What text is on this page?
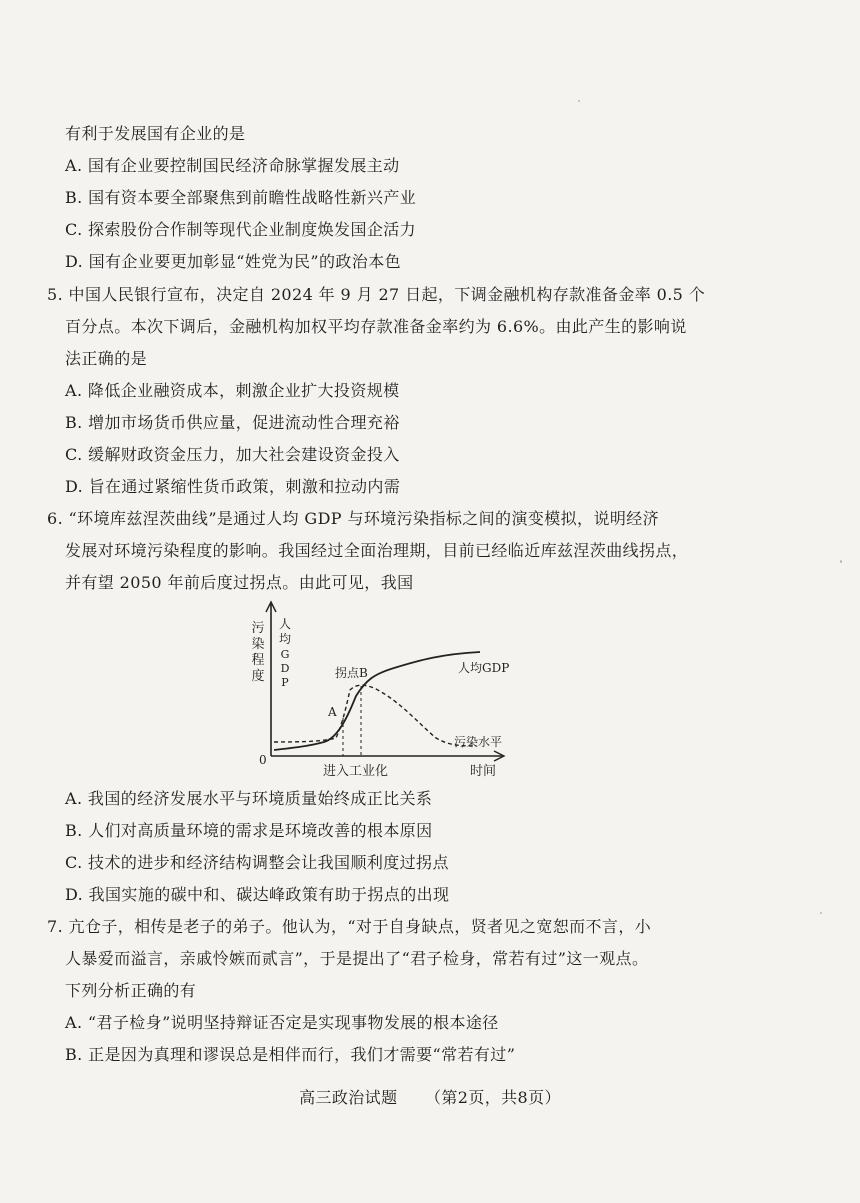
有利于发展国有企业的是
A. 国有企业要控制国民经济命脉掌握发展主动
B. 国有资本要全部聚焦到前瞻性战略性新兴产业
C. 探索股份合作制等现代企业制度焕发国企活力
D. 国有企业要更加彰显“姓党为民”的政治本色
5. 中国人民银行宣布，决定自 2024 年 9 月 27 日起，下调金融机构存款准备金率 0.5 个
百分点。本次下调后，金融机构加权平均存款准备金率约为 6.6%。由此产生的影响说
法正确的是
A. 降低企业融资成本，刺激企业扩大投资规模
B. 增加市场货币供应量，促进流动性合理充裕
C. 缓解财政资金压力，加大社会建设资金投入
D. 旨在通过紧缩性货币政策，刺激和拉动内需
6. “环境库兹涅茨曲线”是通过人均 GDP 与环境污染指标之间的演变模拟，说明经济
发展对环境污染程度的影响。我国经过全面治理期，目前已经临近库兹涅茨曲线拐点，
并有望 2050 年前后度过拐点。由此可见，我国
污
染
程
度
人
均
G
D
P
0
A
拐点B	人均GDP
污染水平
进入工业化	时间
A. 我国的经济发展水平与环境质量始终成正比关系
B. 人们对高质量环境的需求是环境改善的根本原因
C. 技术的进步和经济结构调整会让我国顺利度过拐点
D. 我国实施的碳中和、碳达峰政策有助于拐点的出现
7. 亢仓子，相传是老子的弟子。他认为，“对于自身缺点，贤者见之宽恕而不言，小
人暴爱而溢言，亲戚怜嫉而贰言”，于是提出了“君子检身，常若有过”这一观点。
下列分析正确的有
A. “君子检身”说明坚持辩证否定是实现事物发展的根本途径
B. 正是因为真理和谬误总是相伴而行，我们才需要“常若有过”
高三政治试题 （第2页，共8页）
